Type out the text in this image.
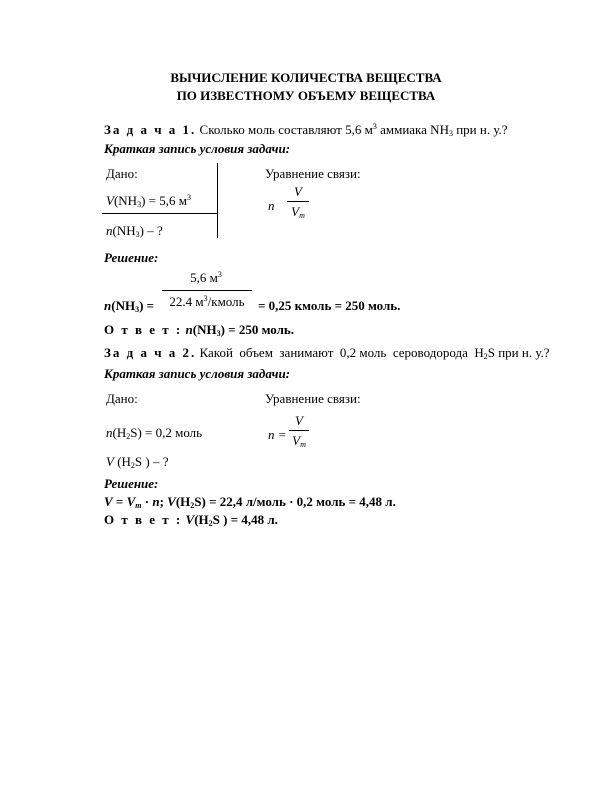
ВЫЧИСЛЕНИЕ КОЛИЧЕСТВА ВЕЩЕСТВА
ПО ИЗВЕСТНОМУ ОБЪЕМУ ВЕЩЕСТВА
За д а ч а 1. Сколько моль составляют 5,6 $м^3$ аммиака $NH_3$ при н. у.?
Краткая запись условия задачи:
Дано:
$V(NH_3) = 5,6$ $м^3$
$n(NH_3)$ – ?
Уравнение связи:
n
V
$V_m$
Решение:
$n(NH_3)$ =
5,6 $м^3$
22.4 $м^3$/кмоль	= 0,25 кмоль = 250 моль.
О т в е т : $n(NH_3) = 250$ моль.
За д а ч а 2. Какой  объем  занимают  0,2 моль  сероводорода  $H_2S$ при н. у.?
Краткая запись условия задачи:
Дано:
$n(H_2S) = 0,2$ моль
V ($H_2S$ ) – ?
Уравнение связи:
n =
V
$V_m$
Решение:
$V = V_m \cdot n$; $V(H_2S) = 22,4$ л/моль · 0,2 моль = 4,48 л.
О т в е т : $V(H_2S$ ) = 4,48 л.
